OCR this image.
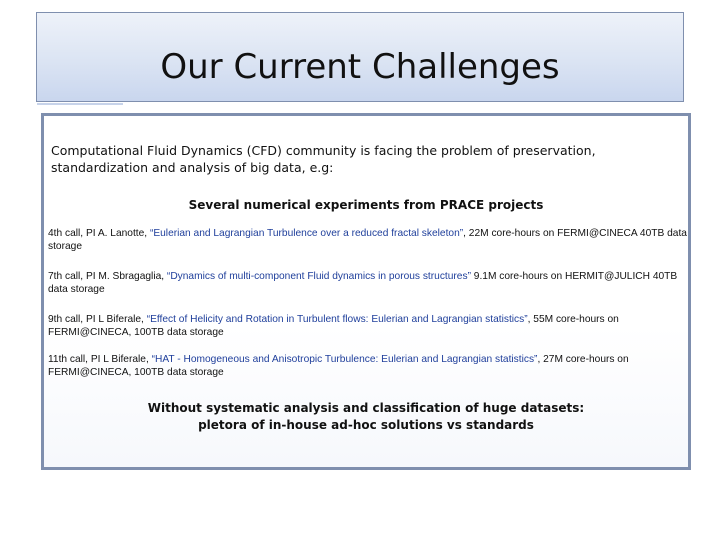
Our Current Challenges
Computational Fluid Dynamics (CFD) community is facing the problem of preservation, standardization and analysis of big data, e.g:
Several numerical experiments from PRACE projects
4th call, PI A. Lanotte, “Eulerian and Lagrangian Turbulence over a reduced fractal skeleton”, 22M core-hours on FERMI@CINECA 40TB data storage
7th call, PI M. Sbragaglia, “Dynamics of multi-component Fluid dynamics in porous structures” 9.1M core-hours on HERMIT@JULICH 40TB data storage
9th call, PI L Biferale, “Effect of Helicity and Rotation in Turbulent flows: Eulerian and Lagrangian statistics”, 55M core-hours on FERMI@CINECA, 100TB data storage
11th call, PI L Biferale, “HAT - Homogeneous and Anisotropic Turbulence: Eulerian and Lagrangian statistics”, 27M core-hours on FERMI@CINECA, 100TB data storage
Without systematic analysis and classification of huge datasets:
pletora of in-house ad-hoc solutions vs standards
